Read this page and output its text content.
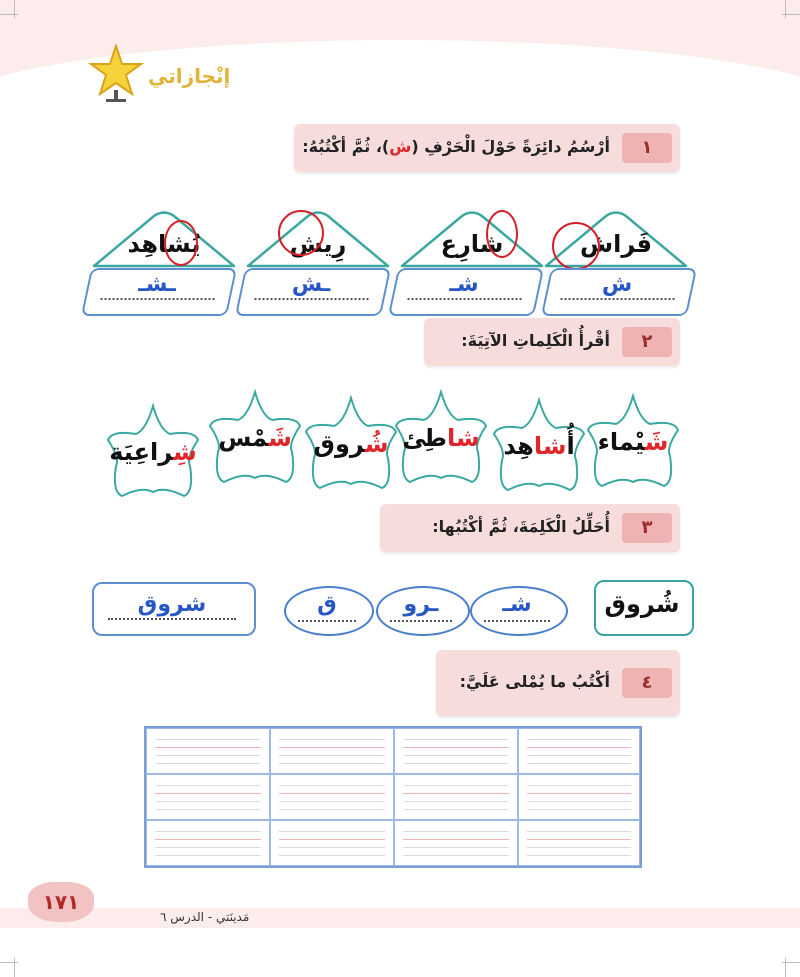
إنْجازاتي
١
أرْسُمُ دائِرَةً حَوْلَ الْحَرْفِ (ش)، ثُمَّ أكْتُبُهُ:
فَراش
شارِع
رِيش
يُشاهِد
ش
شـ
ـش
ـشـ
٢
أقْرأُ الْكَلِماتِ الآتِيَةَ:
شَيْماء
أُشاهِد
شاطِئ
شُروق
شَمْس
شِراعِيَة
٣
أُحَلِّلُ الْكَلِمَةَ، ثُمَّ أكْتُبُها:
شُروق
شـ
ـرو
ق
شروق
٤
أكْتُبُ ما يُمْلى عَلَيَّ:
١٧١
مَدينَتي - الدرس ٦
